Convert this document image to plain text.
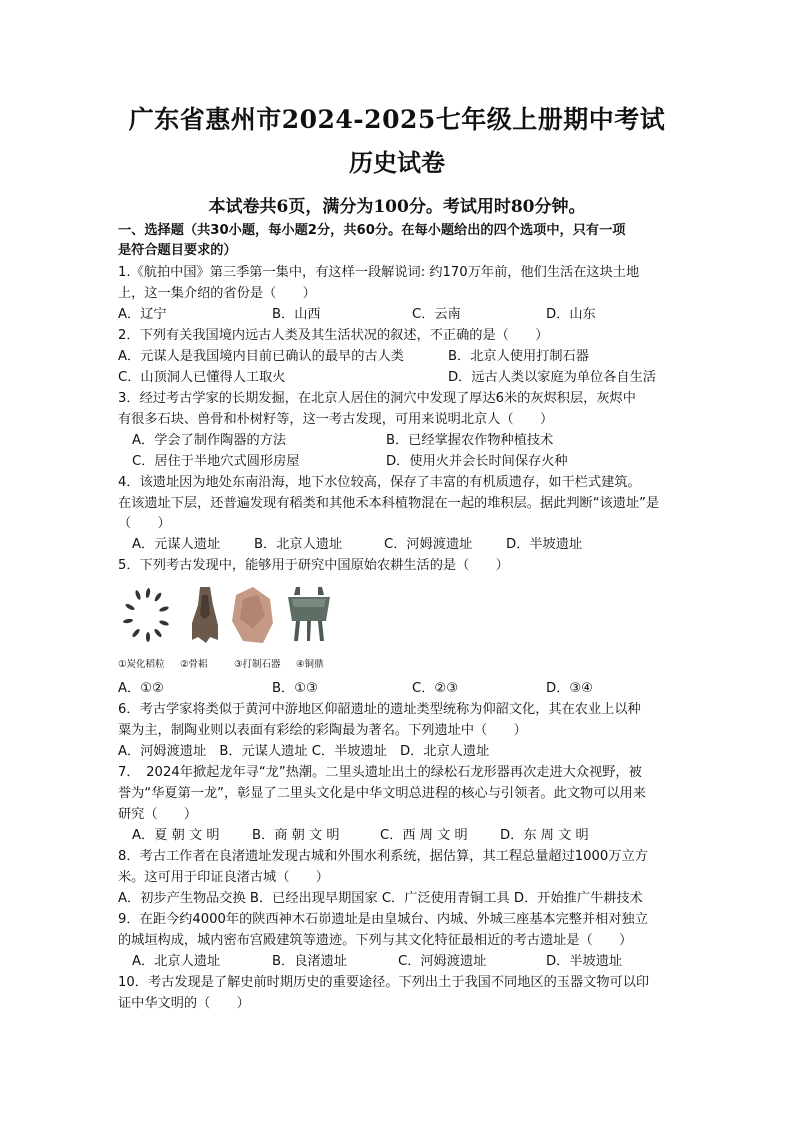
广东省惠州市2024-2025七年级上册期中考试
历史试卷
本试卷共6页，满分为100分。考试用时80分钟。
一、选择题（共30小题，每小题2分，共60分。在每小题给出的四个选项中，只有一项
是符合题目要求的）
1.《航拍中国》第三季第一集中，有这样一段解说词: 约170万年前，他们生活在这块土地
上，这一集介绍的省份是（　　）
A．辽宁	B．山西	C．云南	D．山东
2．下列有关我国境内远古人类及其生活状况的叙述，不正确的是（　　）
A．元谋人是我国境内目前已确认的最早的古人类	B．北京人使用打制石器
C．山顶洞人已懂得人工取火	D．远古人类以家庭为单位各自生活
3．经过考古学家的长期发掘，在北京人居住的洞穴中发现了厚达6米的灰烬积层，灰烬中
有很多石块、兽骨和朴树籽等，这一考古发现，可用来说明北京人（　　）
A．学会了制作陶器的方法	B．已经掌握农作物种植技术
C．居住于半地穴式圆形房屋	D．使用火并会长时间保存火种
4．该遗址因为地处东南沿海，地下水位较高，保存了丰富的有机质遗存，如干栏式建筑。
在该遗址下层，还普遍发现有稻类和其他禾本科植物混在一起的堆积层。据此判断“该遗址”是
（　　）
A．元谋人遗址	B．北京人遗址	C．河姆渡遗址	D．半坡遗址
5．下列考古发现中，能够用于研究中国原始农耕生活的是（　　）
①炭化稻粒 ②骨耜	③打制石器 ④铜鼎
A．①②	B．①③	C．②③	D．③④
6．考古学家将类似于黄河中游地区仰韶遗址的遗址类型统称为仰韶文化，其在农业上以种
粟为主，制陶业则以表面有彩绘的彩陶最为著名。下列遗址中（　　）
A．河姆渡遗址　B．元谋人遗址 C．半坡遗址　D．北京人遗址
7．　2024年掀起龙年寻“龙”热潮。二里头遗址出土的绿松石龙形器再次走进大众视野，被
誉为“华夏第一龙”，彰显了二里头文化是中华文明总进程的核心与引领者。此文物可以用来
研究（　　）
A．夏 朝 文 明 B．商 朝 文 明	C．西 周 文 明 D．东 周 文 明
8．考古工作者在良渚遗址发现古城和外围水利系统，据估算，其工程总量超过1000万立方
米。这可用于印证良渚古城（　　）
A．初步产生物品交换 B．已经出现早期国家 C．广泛使用青铜工具 D．开始推广牛耕技术
9．在距今约4000年的陕西神木石峁遗址是由皇城台、内城、外城三座基本完整并相对独立
的城垣构成，城内密布宫殿建筑等遗迹。下列与其文化特征最相近的考古遗址是（　　）
A．北京人遗址	B．良渚遗址	C．河姆渡遗址	D．半坡遗址
10．考古发现是了解史前时期历史的重要途径。下列出土于我国不同地区的玉器文物可以印
证中华文明的（　　）
